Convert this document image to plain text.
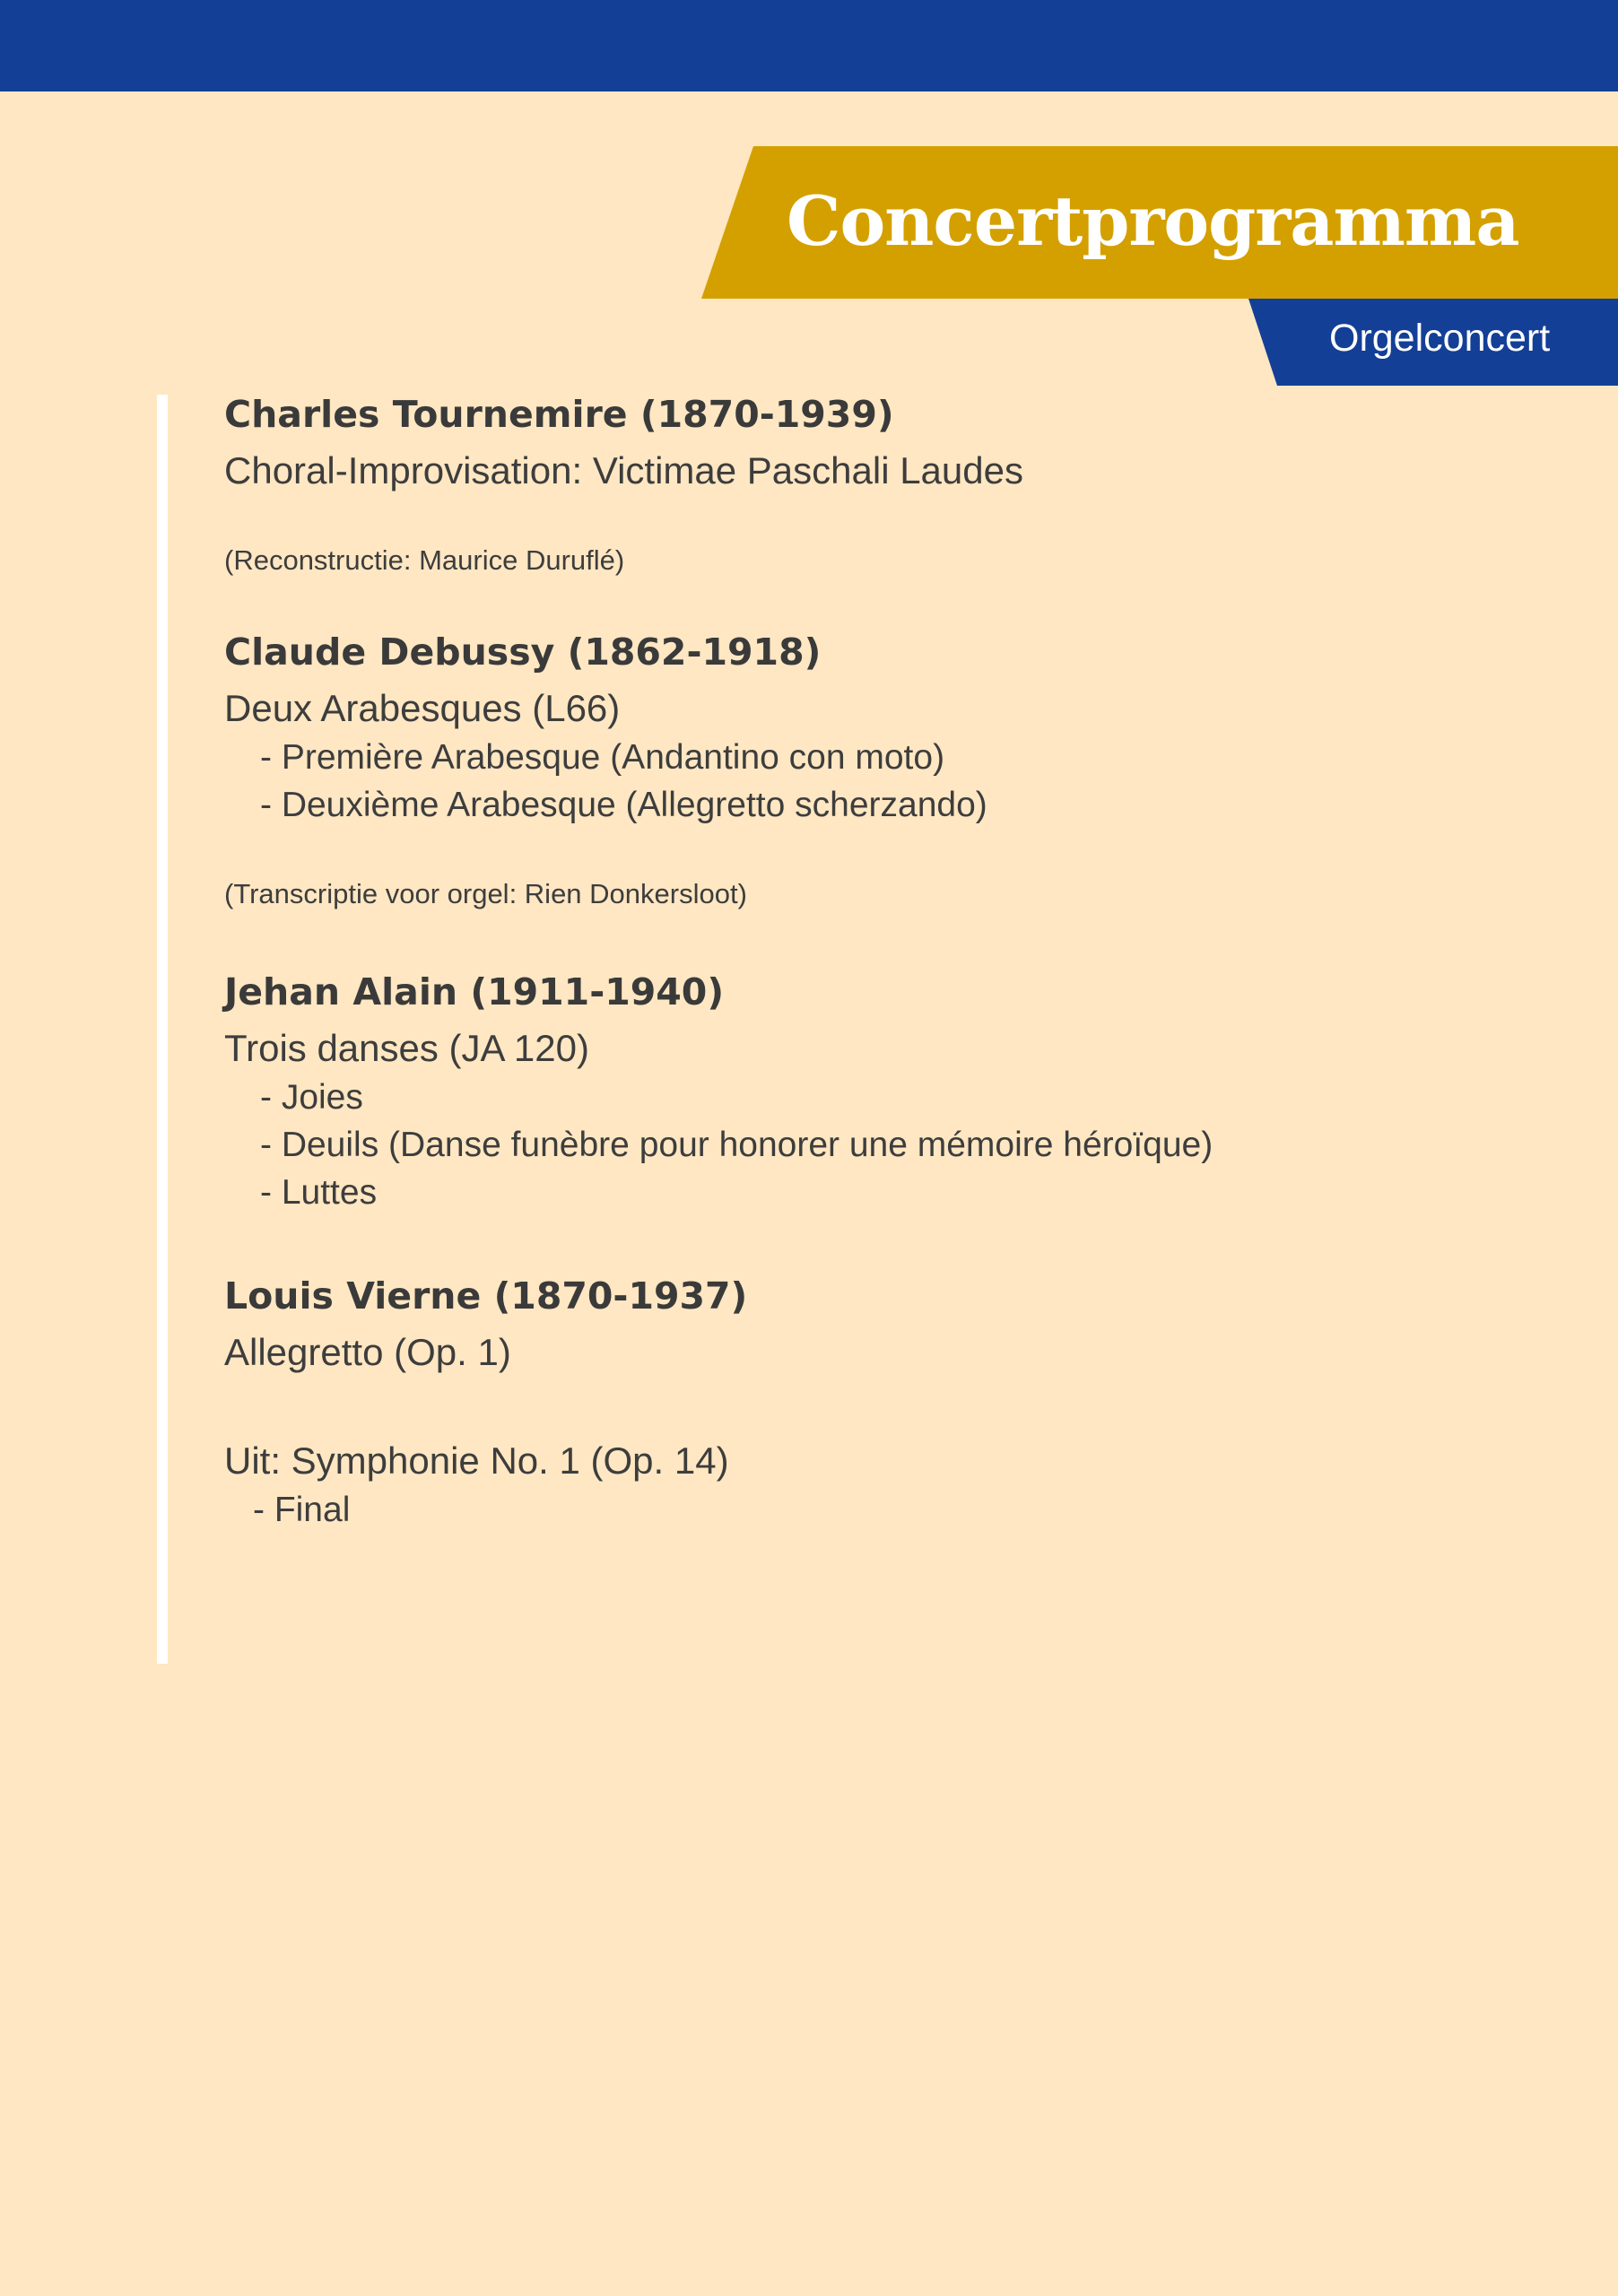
Concertprogramma
Orgelconcert
Charles Tournemire (1870-1939)
Choral-Improvisation: Victimae Paschali Laudes
(Reconstructie: Maurice Duruflé)
Claude Debussy (1862-1918)
Deux Arabesques (L66)
- Première Arabesque (Andantino con moto)
- Deuxième Arabesque (Allegretto scherzando)
(Transcriptie voor orgel: Rien Donkersloot)
Jehan Alain (1911-1940)
Trois danses (JA 120)
- Joies
- Deuils (Danse funèbre pour honorer une mémoire héroïque)
- Luttes
Louis Vierne (1870-1937)
Allegretto (Op. 1)
Uit: Symphonie No. 1 (Op. 14)
- Final
